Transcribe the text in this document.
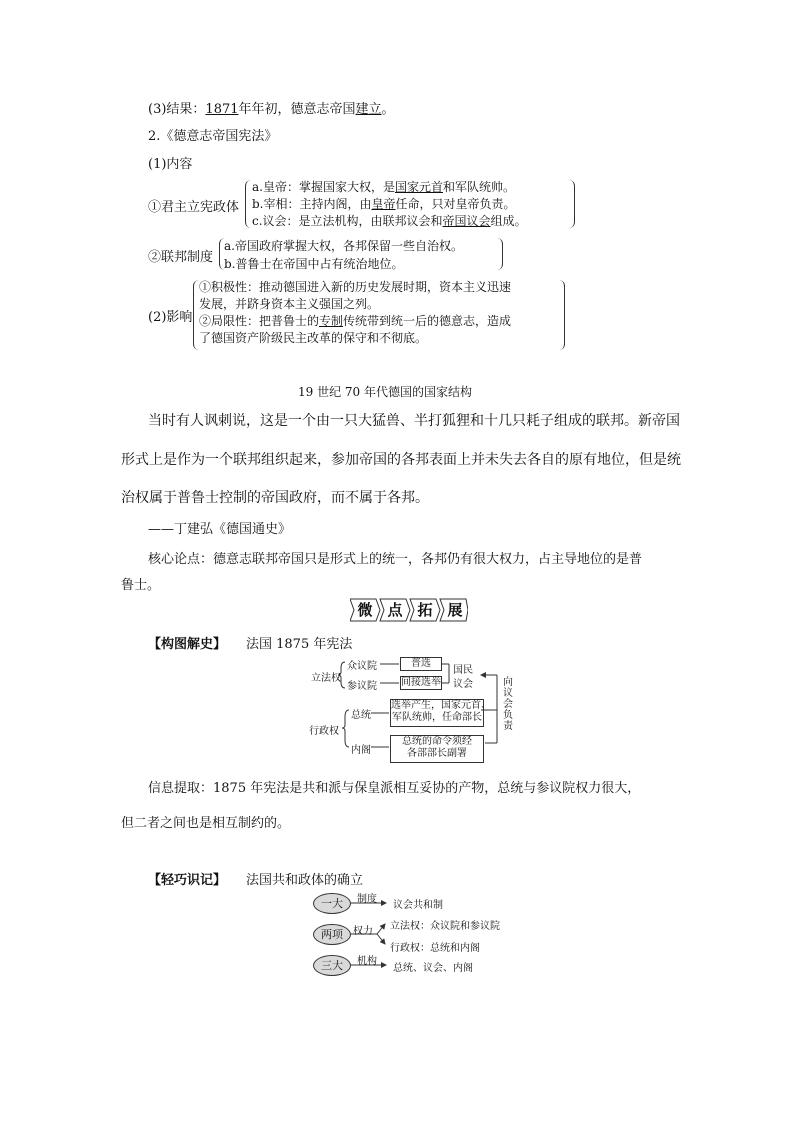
(3)结果：1871年年初，德意志帝国建立。
2.《德意志帝国宪法》
(1)内容
①君主立宪政体
a.皇帝：掌握国家大权，是国家元首和军队统帅。
b.宰相：主持内阁，由皇帝任命，只对皇帝负责。
c.议会：是立法机构，由联邦议会和帝国议会组成。
②联邦制度
a.帝国政府掌握大权，各邦保留一些自治权。
b.普鲁士在帝国中占有统治地位。
(2)影响
①积极性：推动德国进入新的历史发展时期，资本主义迅速
发展，并跻身资本主义强国之列。
②局限性：把普鲁士的专制传统带到统一后的德意志，造成
了德国资产阶级民主改革的保守和不彻底。
19 世纪 70 年代德国的国家结构
当时有人讽刺说，这是一个由一只大猛兽、半打狐狸和十几只耗子组成的联邦。新帝国
形式上是作为一个联邦组织起来，参加帝国的各邦表面上并未失去各自的原有地位，但是统
治权属于普鲁士控制的帝国政府，而不属于各邦。
——丁建弘《德国通史》
核心论点：德意志联邦帝国只是形式上的统一，各邦仍有很大权力，占主导地位的是普
鲁士。
微 点 拓 展
【构图解史】 法国 1875 年宪法
立法权
众议院
参议院
普选
间接选举
国民
议会	向议会负责
行政权
总统
选举产生，国家元首、
军队统帅，任命部长
内阁
总统的命令须经
各部部长副署
信息提取：1875 年宪法是共和派与保皇派相互妥协的产物，总统与参议院权力很大，
但二者之间也是相互制约的。
【轻巧识记】 法国共和政体的确立
一大	制度
议会共和制
两项	权力 立法权：众议院和参议院
行政权：总统和内阁
三大	机构
总统、议会、内阁
